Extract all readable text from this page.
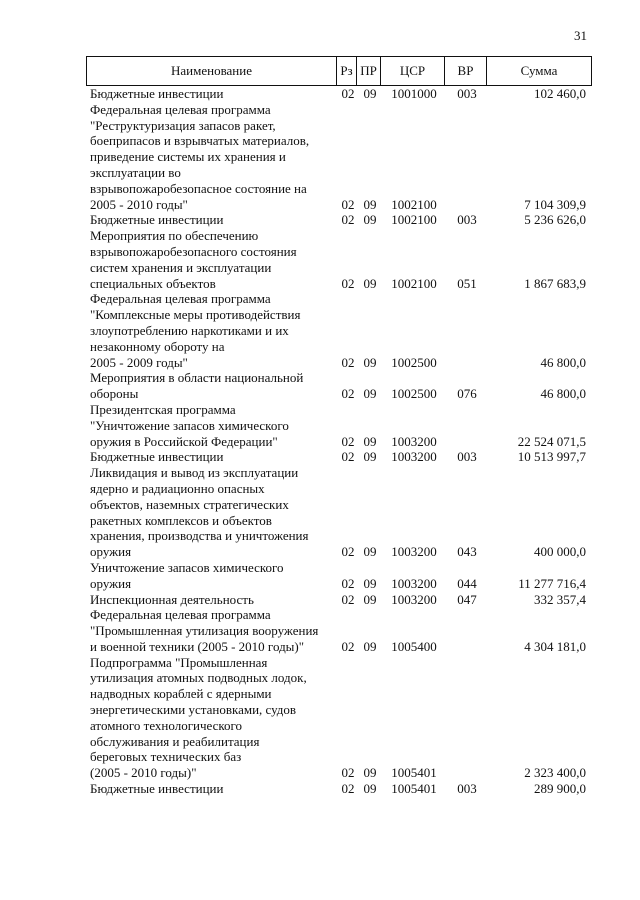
31
Наименование	Рз ПР	ЦСР	ВР	Сумма
Бюджетные инвестиции	02 09	1001000	003	102 460,0
Федеральная целевая программа
"Реструктуризация запасов ракет,
боеприпасов и взрывчатых материалов,
приведение системы их хранения и
эксплуатации во
взрывопожаробезопасное состояние на
2005 - 2010 годы"	02 09	1002100	7 104 309,9
Бюджетные инвестиции	02 09	1002100	003	5 236 626,0
Мероприятия по обеспечению
взрывопожаробезопасного состояния
систем хранения и эксплуатации
специальных объектов	02 09	1002100	051	1 867 683,9
Федеральная целевая программа
"Комплексные меры противодействия
злоупотреблению наркотиками и их
незаконному обороту на
2005 - 2009 годы"	02 09	1002500	46 800,0
Мероприятия в области национальной
обороны	02 09	1002500	076	46 800,0
Президентская программа
"Уничтожение запасов химического
оружия в Российской Федерации"	02 09	1003200	22 524 071,5
Бюджетные инвестиции	02 09	1003200	003	10 513 997,7
Ликвидация и вывод из эксплуатации
ядерно и радиационно опасных
объектов, наземных стратегических
ракетных комплексов и объектов
хранения, производства и уничтожения
оружия	02 09	1003200	043	400 000,0
Уничтожение запасов химического
оружия	02 09	1003200	044	11 277 716,4
Инспекционная деятельность	02 09	1003200	047	332 357,4
Федеральная целевая программа
"Промышленная утилизация вооружения
и военной техники (2005 - 2010 годы)"	02 09	1005400	4 304 181,0
Подпрограмма "Промышленная
утилизация атомных подводных лодок,
надводных кораблей с ядерными
энергетическими установками, судов
атомного технологического
обслуживания и реабилитация
береговых технических баз
(2005 - 2010 годы)"	02 09	1005401	2 323 400,0
Бюджетные инвестиции	02 09	1005401	003	289 900,0
